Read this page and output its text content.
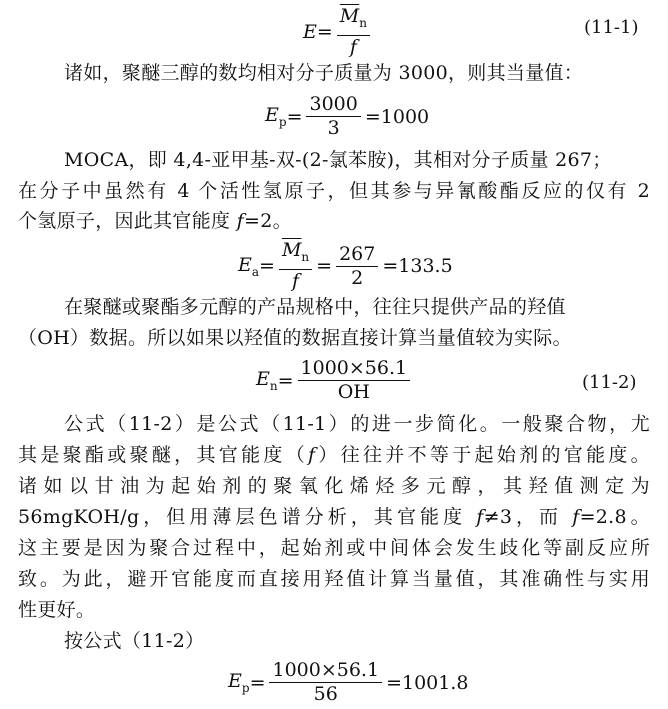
$E = \frac{\overline{M}_n}{f}$	(11-1)
诸如，聚醚三醇的数均相对分子质量为 3000，则其当量值：
$E_p = \frac{3000}{3} =1000$
MOCA，即 4,4-亚甲基-双-(2-氯苯胺)，其相对分子质量 267；
在分子中虽然有 4 个活性氢原子，但其参与异氰酸酯反应的仅有 2
个氢原子，因此其官能度 f=2。
$E_a = \frac{\overline{M}_n}{f} = \frac{267}{2} =133.5$
在聚醚或聚酯多元醇的产品规格中，往往只提供产品的羟值
（OH）数据。所以如果以羟值的数据直接计算当量值较为实际。
$E_n = \frac{1000\times 56.1}{OH}$	(11-2)
公式（11-2）是公式（11-1）的进一步简化。一般聚合物，尤
其是聚酯或聚醚，其官能度（f）往往并不等于起始剂的官能度。
诸如以甘油为起始剂的聚氧化烯烃多元醇，其羟值测定为
56mgKOH/g，但用薄层色谱分析，其官能度 f≠3，而 f=2.8。
这主要是因为聚合过程中，起始剂或中间体会发生歧化等副反应所
致。为此，避开官能度而直接用羟值计算当量值，其准确性与实用
性更好。
按公式（11-2）
$E_p = \frac{1000\times 56.1}{56} =1001.8$
